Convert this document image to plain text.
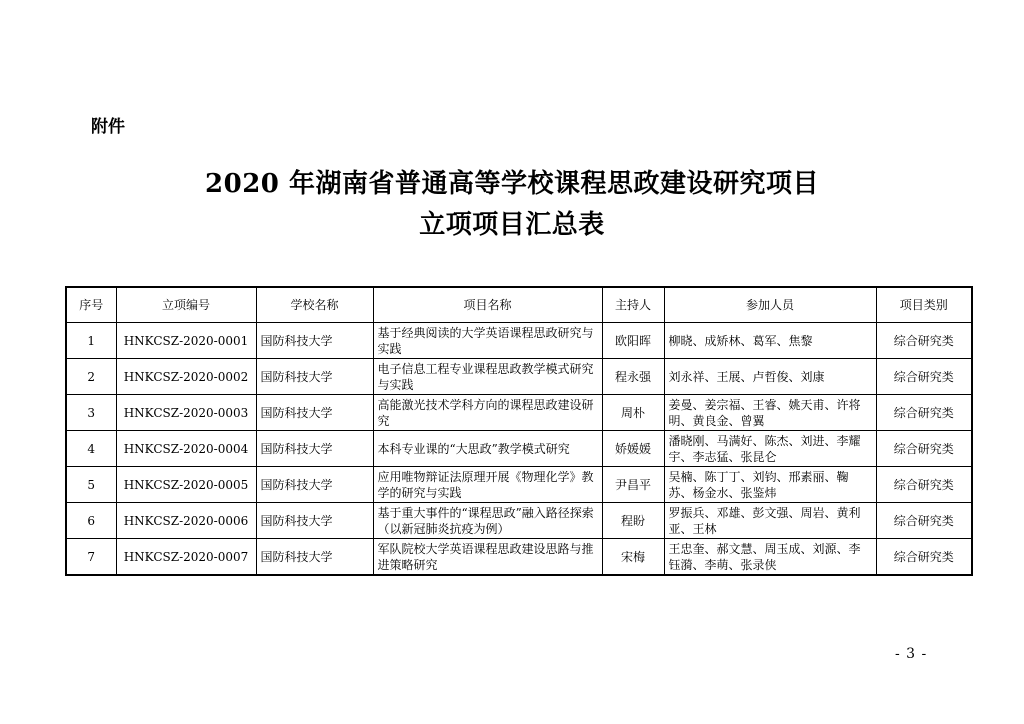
附件
2020 年湖南省普通高等学校课程思政建设研究项目
立项项目汇总表
序号	立项编号	学校名称	项目名称	主持人	参加人员	项目类别
1	HNKCSZ-2020-0001	国防科技大学	基于经典阅读的大学英语课程思政研究与实践	欧阳晖	柳晓、成矫林、葛军、焦黎	综合研究类
2	HNKCSZ-2020-0002	国防科技大学	电子信息工程专业课程思政教学模式研究与实践	程永强	刘永祥、王展、卢哲俊、刘康	综合研究类
3	HNKCSZ-2020-0003	国防科技大学	高能激光技术学科方向的课程思政建设研究	周朴	姜曼、姜宗福、王睿、姚天甫、许将明、黄良金、曾翼	综合研究类
4	HNKCSZ-2020-0004	国防科技大学	本科专业课的“大思政”教学模式研究	娇媛媛	潘晓刚、马满好、陈杰、刘进、李耀宇、李志猛、张昆仑	综合研究类
5	HNKCSZ-2020-0005	国防科技大学	应用唯物辩证法原理开展《物理化学》教学的研究与实践	尹昌平	吴楠、陈丁丁、刘钧、邢素丽、鞠苏、杨金水、张鉴炜	综合研究类
6	HNKCSZ-2020-0006	国防科技大学	基于重大事件的“课程思政”融入路径探索（以新冠肺炎抗疫为例）	程盼	罗振兵、邓雄、彭文强、周岩、黄利亚、王林	综合研究类
7	HNKCSZ-2020-0007	国防科技大学	军队院校大学英语课程思政建设思路与推进策略研究	宋梅	王忠奎、郝文慧、周玉成、刘源、李钰漪、李萌、张录侠	综合研究类
- 3 -
